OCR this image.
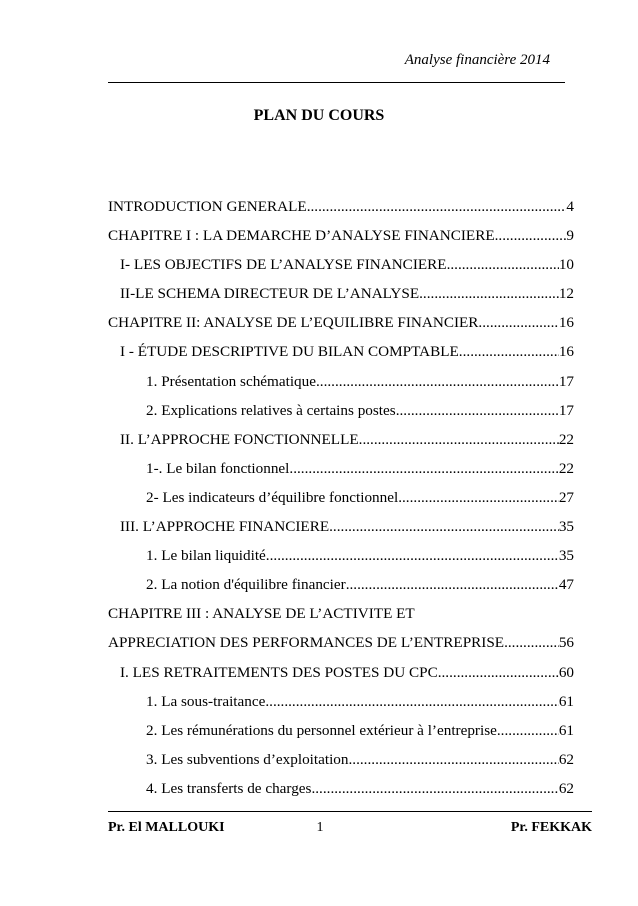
Analyse financière 2014
PLAN DU COURS
INTRODUCTION GENERALE .....	4
CHAPITRE I : LA DEMARCHE D’ANALYSE FINANCIERE .....	9
I- LES OBJECTIFS DE L’ANALYSE FINANCIERE .....	10
II-LE SCHEMA DIRECTEUR DE L’ANALYSE .....	12
CHAPITRE II: ANALYSE DE L’EQUILIBRE FINANCIER .....	16
I - ÉTUDE DESCRIPTIVE DU BILAN COMPTABLE .....	16
1. Présentation schématique .....	17
2. Explications relatives à certains postes .....	17
II. L’APPROCHE FONCTIONNELLE .....	22
1-. Le bilan fonctionnel .....	22
2- Les indicateurs d’équilibre fonctionnel .....	27
III. L’APPROCHE FINANCIERE .....	35
1. Le bilan liquidité .....	35
2. La notion d'équilibre financier .....	47
CHAPITRE III : ANALYSE DE L’ACTIVITE ET
APPRECIATION DES PERFORMANCES DE L’ENTREPRISE .....	56
I. LES RETRAITEMENTS DES POSTES DU CPC .....	60
1. La sous-traitance .....	61
2. Les rémunérations du personnel extérieur à l’entreprise .....	61
3. Les subventions d’exploitation .....	62
4. Les transferts de charges .....	62
Pr. El MALLOUKI	1	Pr. FEKKAK
